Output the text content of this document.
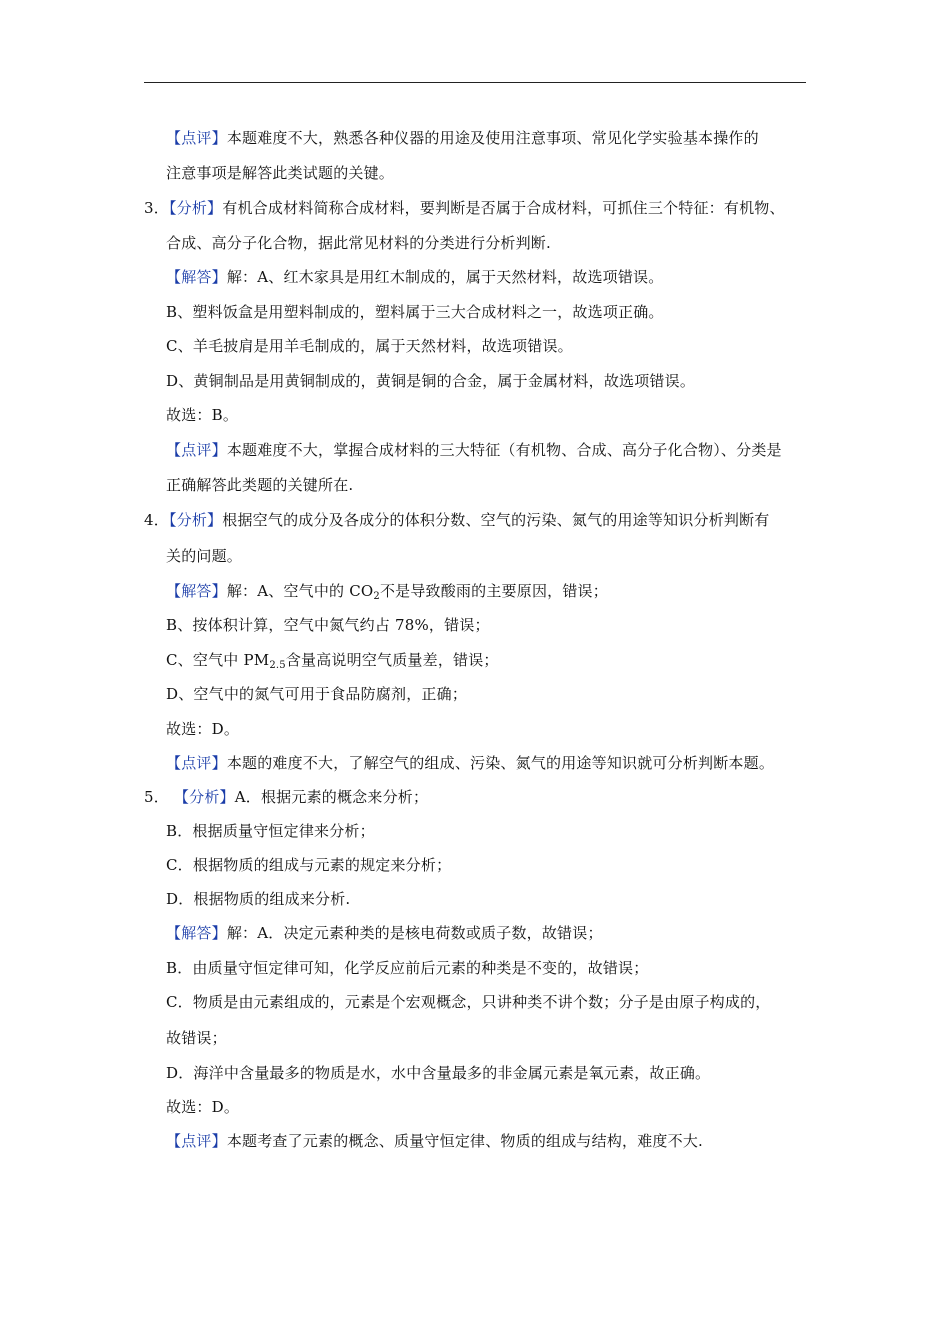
【点评】本题难度不大，熟悉各种仪器的用途及使用注意事项、常见化学实验基本操作的
注意事项是解答此类试题的关键。
3．【分析】有机合成材料简称合成材料，要判断是否属于合成材料，可抓住三个特征：有机物、
合成、高分子化合物，据此常见材料的分类进行分析判断.
【解答】解：A、红木家具是用红木制成的，属于天然材料，故选项错误。
B、塑料饭盒是用塑料制成的，塑料属于三大合成材料之一，故选项正确。
C、羊毛披肩是用羊毛制成的，属于天然材料，故选项错误。
D、黄铜制品是用黄铜制成的，黄铜是铜的合金，属于金属材料，故选项错误。
故选：B。
【点评】本题难度不大，掌握合成材料的三大特征（有机物、合成、高分子化合物）、分类是
正确解答此类题的关键所在.
4．【分析】根据空气的成分及各成分的体积分数、空气的污染、氮气的用途等知识分析判断有
关的问题。
【解答】解：A、空气中的 $CO_2$不是导致酸雨的主要原因，错误；
B、按体积计算，空气中氮气约占 78%，错误；
C、空气中 $PM_{2.5}$含量高说明空气质量差，错误；
D、空气中的氮气可用于食品防腐剂，正确；
故选：D。
【点评】本题的难度不大，了解空气的组成、污染、氮气的用途等知识就可分析判断本题。
5． 【分析】A．根据元素的概念来分析；
B．根据质量守恒定律来分析；
C．根据物质的组成与元素的规定来分析；
D．根据物质的组成来分析.
【解答】解：A．决定元素种类的是核电荷数或质子数，故错误；
B．由质量守恒定律可知，化学反应前后元素的种类是不变的，故错误；
C．物质是由元素组成的，元素是个宏观概念，只讲种类不讲个数；分子是由原子构成的，
故错误；
D．海洋中含量最多的物质是水，水中含量最多的非金属元素是氧元素，故正确。
故选：D。
【点评】本题考查了元素的概念、质量守恒定律、物质的组成与结构，难度不大.
